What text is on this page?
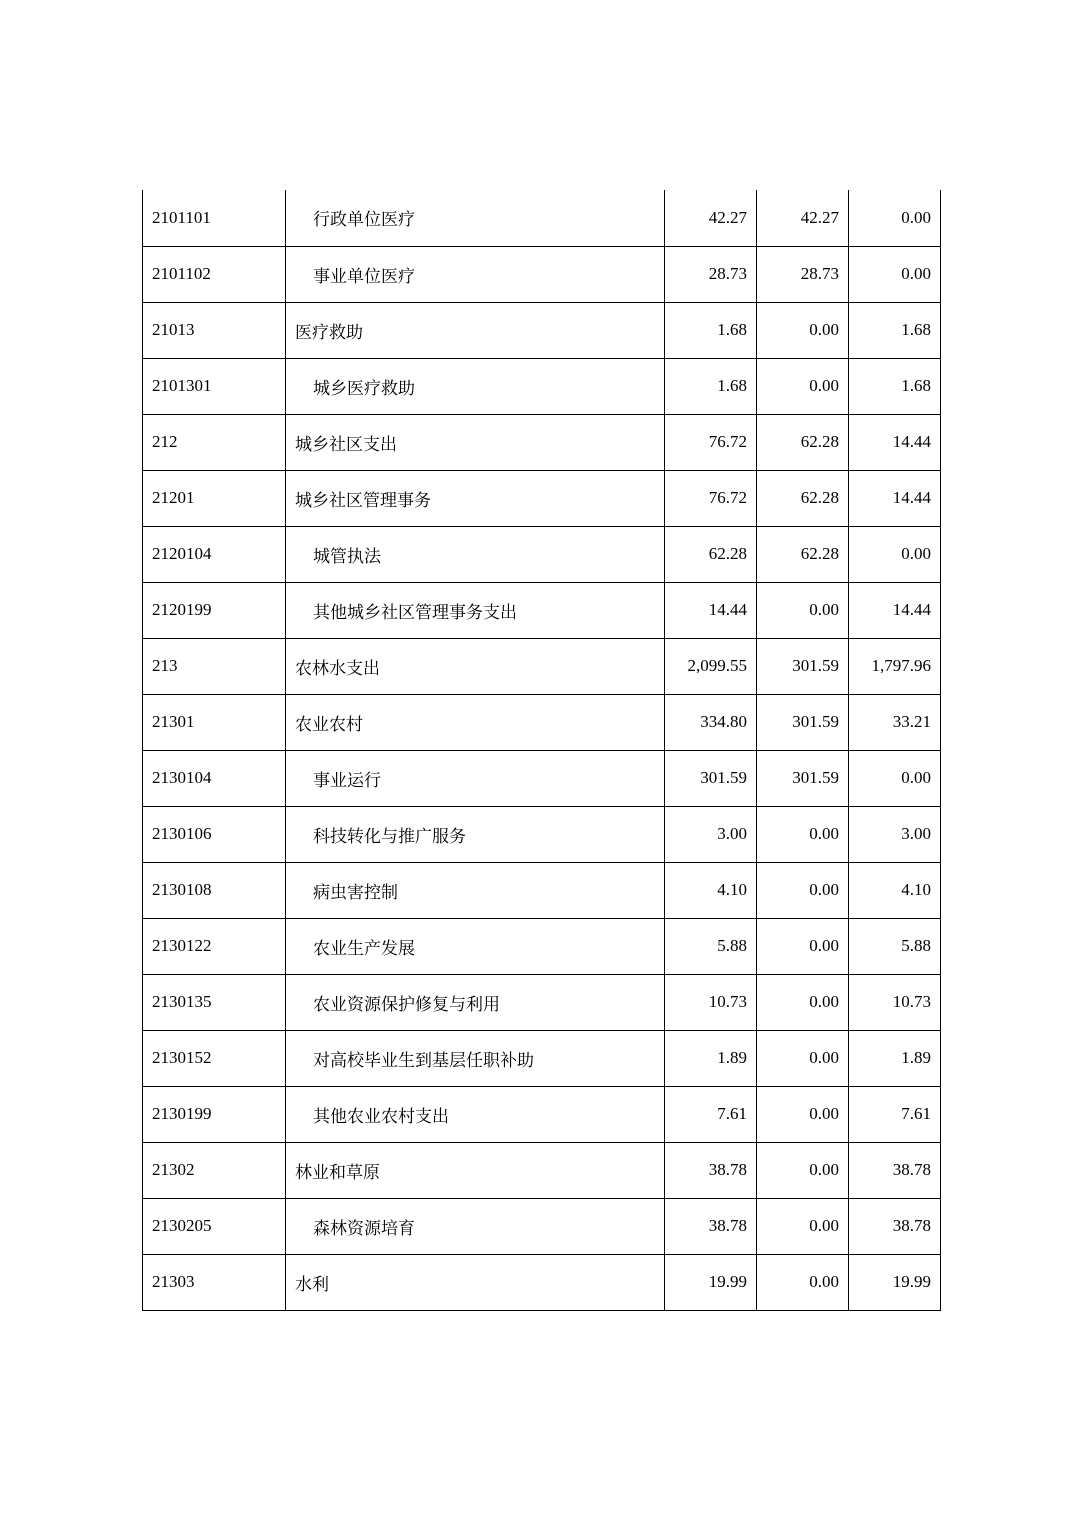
2101101	行政单位医疗	42.27	42.27	0.00
2101102	事业单位医疗	28.73	28.73	0.00
21013	医疗救助	1.68	0.00	1.68
2101301	城乡医疗救助	1.68	0.00	1.68
212	城乡社区支出	76.72	62.28	14.44
21201	城乡社区管理事务	76.72	62.28	14.44
2120104	城管执法	62.28	62.28	0.00
2120199	其他城乡社区管理事务支出	14.44	0.00	14.44
213	农林水支出	2,099.55	301.59	1,797.96
21301	农业农村	334.80	301.59	33.21
2130104	事业运行	301.59	301.59	0.00
2130106	科技转化与推广服务	3.00	0.00	3.00
2130108	病虫害控制	4.10	0.00	4.10
2130122	农业生产发展	5.88	0.00	5.88
2130135	农业资源保护修复与利用	10.73	0.00	10.73
2130152	对高校毕业生到基层任职补助	1.89	0.00	1.89
2130199	其他农业农村支出	7.61	0.00	7.61
21302	林业和草原	38.78	0.00	38.78
2130205	森林资源培育	38.78	0.00	38.78
21303	水利	19.99	0.00	19.99
